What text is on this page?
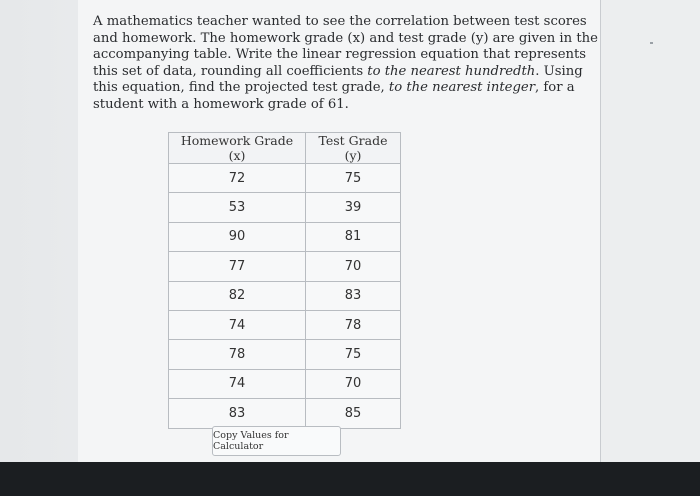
A mathematics teacher wanted to see the correlation between test scores and homework. The homework grade (x) and test grade (y) are given in the accompanying table. Write the linear regression equation that represents this set of data, rounding all coefficients to the nearest hundredth. Using this equation, find the projected test grade, to the nearest integer, for a student with a homework grade of 61.
Homework Grade (x)	Test Grade (y)
72	75
53	39
90	81
77	70
82	83
74	78
78	75
74	70
83	85
Copy Values for Calculator
